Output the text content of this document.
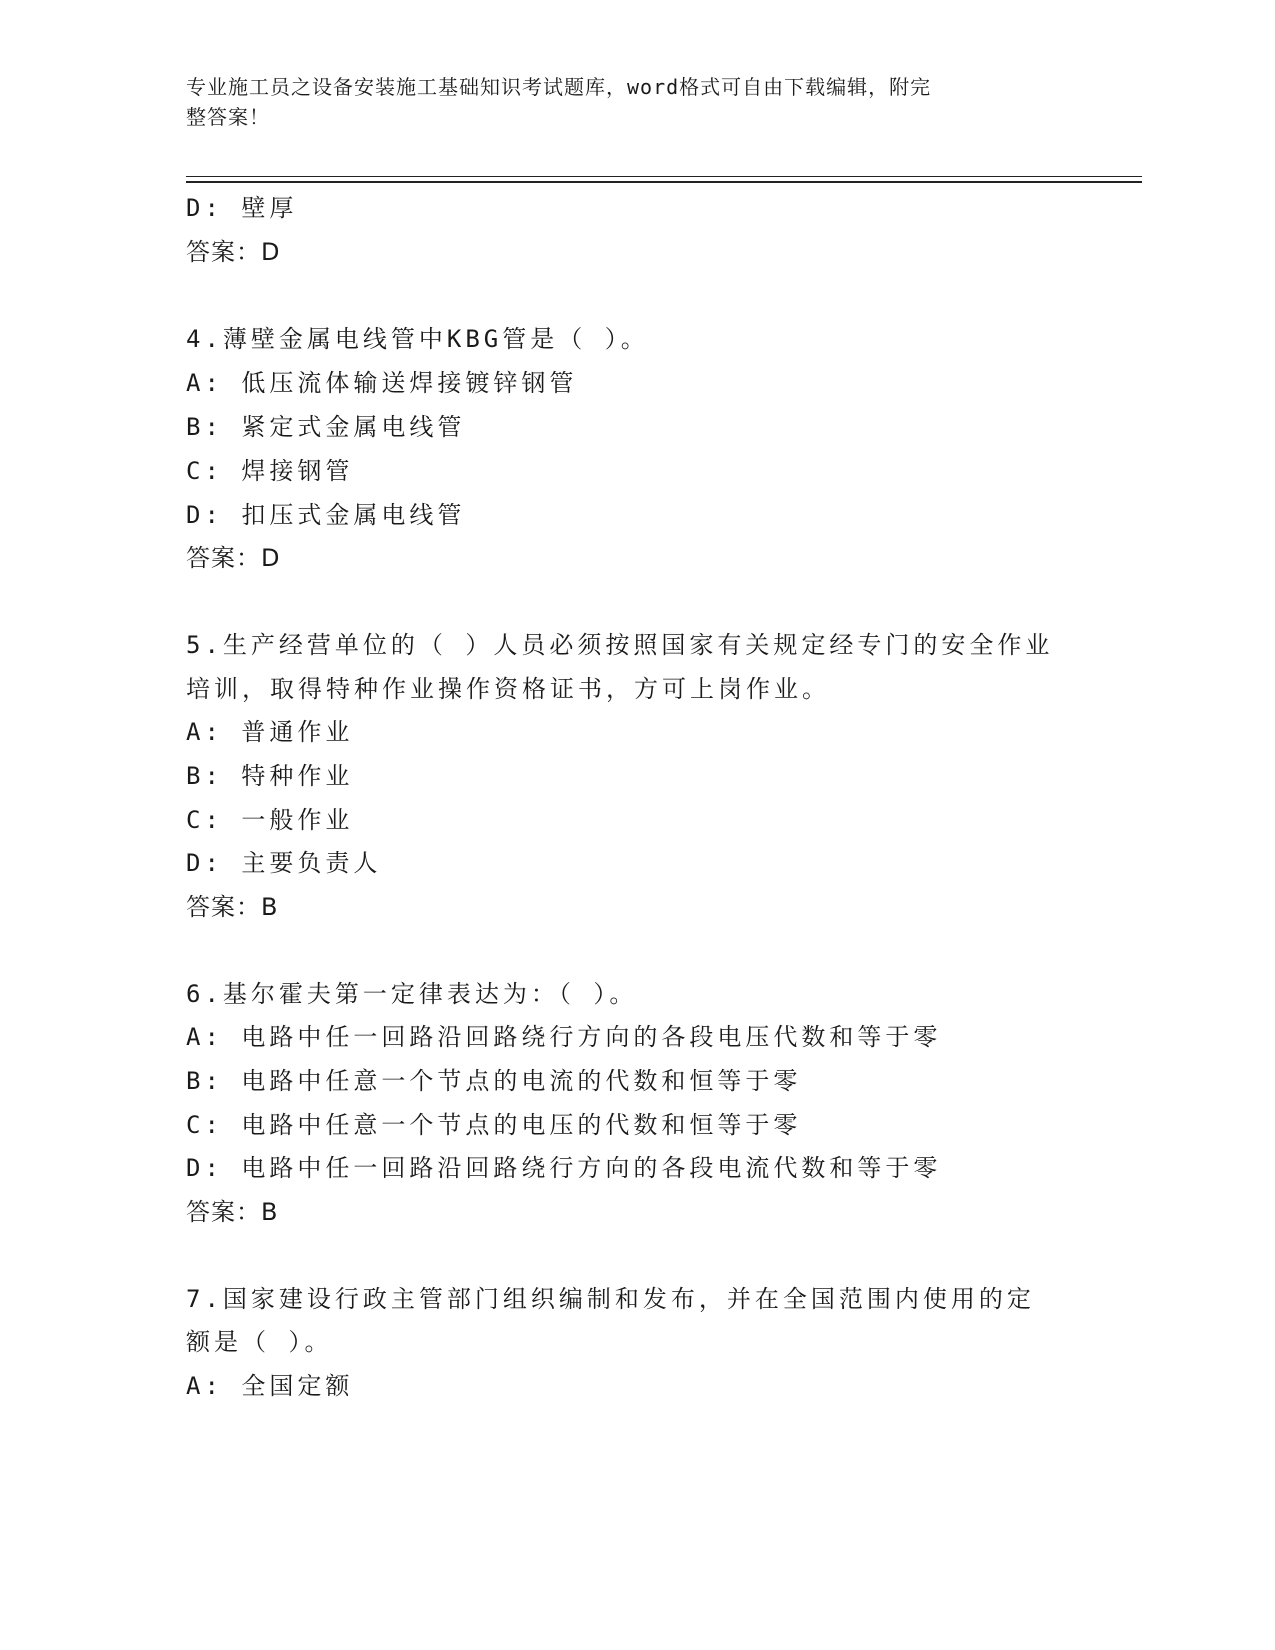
专业施工员之设备安装施工基础知识考试题库，word格式可自由下载编辑，附完
整答案！
D: 壁厚
答案：D
4.薄壁金属电线管中KBG管是（ ）。
A: 低压流体输送焊接镀锌钢管
B: 紧定式金属电线管
C: 焊接钢管
D: 扣压式金属电线管
答案：D
5.生产经营单位的（ ）人员必须按照国家有关规定经专门的安全作业
培训，取得特种作业操作资格证书，方可上岗作业。
A: 普通作业
B: 特种作业
C: 一般作业
D: 主要负责人
答案：B
6.基尔霍夫第一定律表达为：（ ）。
A: 电路中任一回路沿回路绕行方向的各段电压代数和等于零
B: 电路中任意一个节点的电流的代数和恒等于零
C: 电路中任意一个节点的电压的代数和恒等于零
D: 电路中任一回路沿回路绕行方向的各段电流代数和等于零
答案：B
7.国家建设行政主管部门组织编制和发布，并在全国范围内使用的定
额是（ ）。
A: 全国定额
